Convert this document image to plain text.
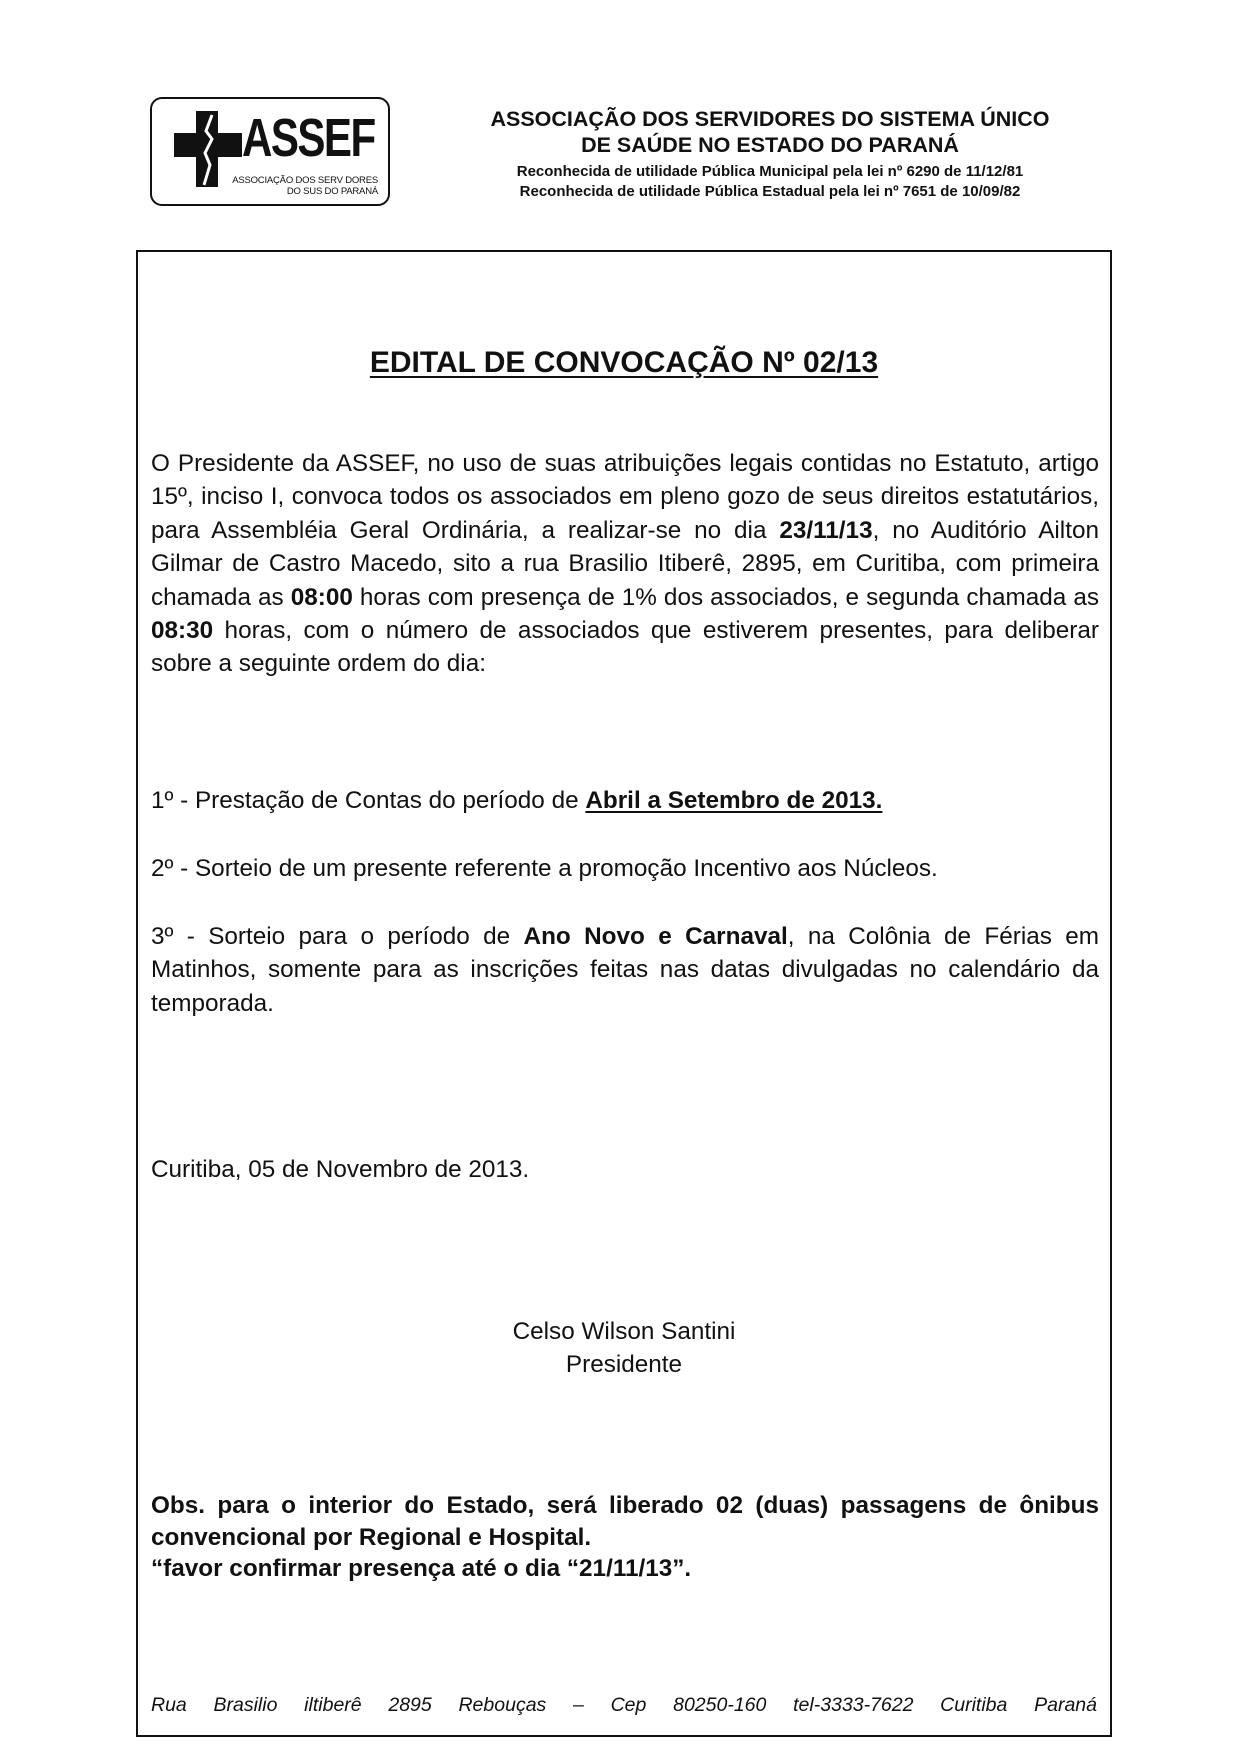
ASSEF
ASSOCIAÇÃO DOS SERV DORES DO SUS DO PARANÁ
ASSOCIAÇÃO DOS SERVIDORES DO SISTEMA ÚNICO
DE SAÚDE NO ESTADO DO PARANÁ
Reconhecida de utilidade Pública Municipal pela lei nº 6290 de 11/12/81
Reconhecida de utilidade Pública Estadual pela lei nº 7651 de 10/09/82
EDITAL DE CONVOCAÇÃO Nº 02/13
O Presidente da ASSEF, no uso de suas atribuições legais contidas no Estatuto, artigo 15º, inciso I, convoca todos os associados em pleno gozo de seus direitos estatutários, para Assembléia Geral Ordinária, a realizar-se no dia 23/11/13, no Auditório Ailton Gilmar de Castro Macedo, sito a rua Brasilio Itiberê, 2895, em Curitiba, com primeira chamada as 08:00 horas com presença de 1% dos associados, e segunda chamada as 08:30 horas, com o número de associados que estiverem presentes, para deliberar sobre a seguinte ordem do dia:
1º - Prestação de Contas do período de Abril a Setembro de 2013.
2º - Sorteio de um presente referente a promoção Incentivo aos Núcleos.
3º - Sorteio para o período de Ano Novo e Carnaval, na Colônia de Férias em Matinhos, somente para as inscrições feitas nas datas divulgadas no calendário da temporada.
Curitiba, 05 de Novembro de 2013.
Celso Wilson Santini
Presidente
Obs. para o interior do Estado, será liberado 02 (duas) passagens de ônibus convencional por Regional e Hospital.
“favor confirmar presença até o dia “21/11/13”.
Rua Brasilio iltiberê 2895 Rebouças – Cep 80250-160 tel-3333-7622 Curitiba Paraná
